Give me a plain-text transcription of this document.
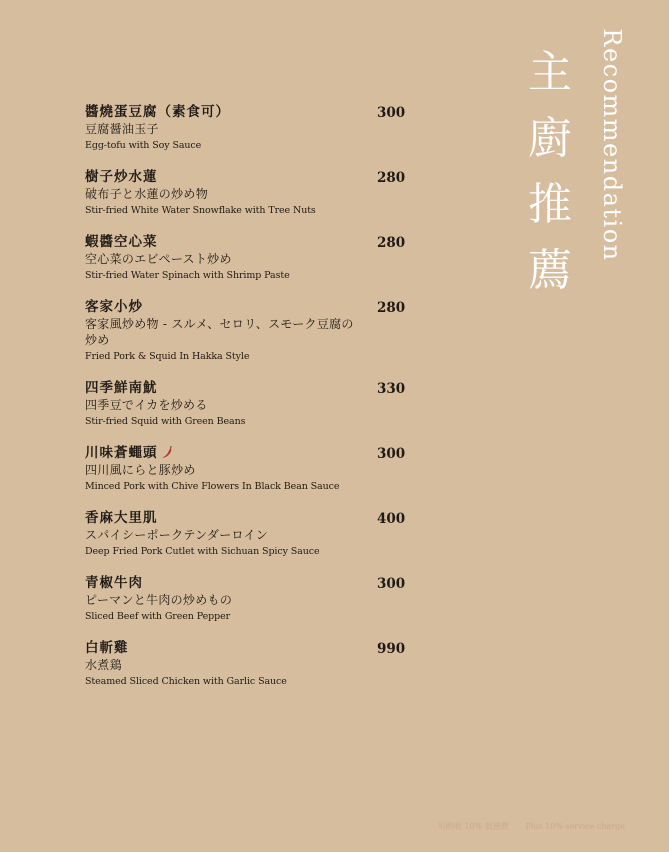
醬燒蛋豆腐（素食可）	300
豆腐醤油玉子
Egg-tofu with Soy Sauce
樹子炒水蓮	280
破布子と水蓮の炒め物
Stir-fried White Water Snowflake with Tree Nuts
蝦醬空心菜	280
空心菜のエビペースト炒め
Stir-fried Water Spinach with Shrimp Paste
客家小炒	280
客家風炒め物 - スルメ、セロリ、スモーク豆腐の炒め
Fried Pork & Squid In Hakka Style
四季鮮南魷	330
四季豆でイカを炒める
Stir-fried Squid with Green Beans
川味蒼蠅頭	300
四川風にらと豚炒め
Minced Pork with Chive Flowers In Black Bean Sauce
香麻大里肌	400
スパイシーポークテンダーロイン
Deep Fried Pork Cutlet with Sichuan Spicy Sauce
青椒牛肉	300
ピーマンと牛肉の炒めもの
Sliced Beef with Green Pepper
白斬雞	990
水煮鶏
Steamed Sliced Chicken with Garlic Sauce
主
廚
推
薦
Recommendation
另酌收 10% 服務費 Plus 10% service charge
